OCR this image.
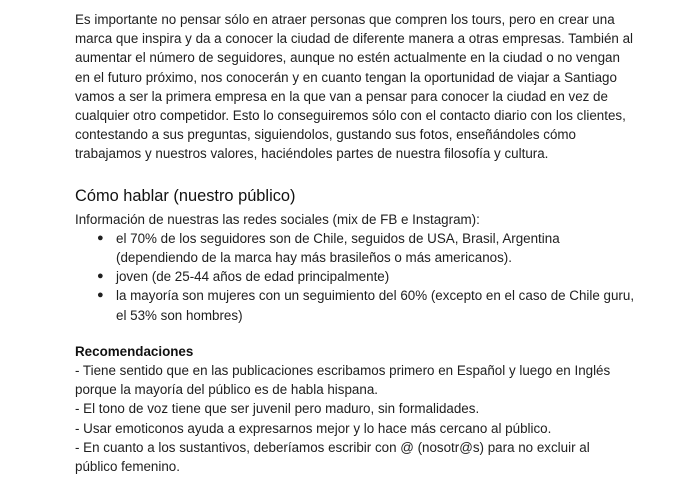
Es importante no pensar sólo en atraer personas que compren los tours, pero en crear una marca que inspira y da a conocer la ciudad de diferente manera a otras empresas. También al aumentar el número de seguidores, aunque no estén actualmente en la ciudad o no vengan en el futuro próximo, nos conocerán y en cuanto tengan la oportunidad de viajar a Santiago vamos a ser la primera empresa en la que van a pensar para conocer la ciudad en vez de cualquier otro competidor. Esto lo conseguiremos sólo con el contacto diario con los clientes, contestando a sus preguntas, siguiendolos, gustando sus fotos, enseñándoles cómo trabajamos y nuestros valores, haciéndoles partes de nuestra filosofía y cultura.

Cómo hablar (nuestro público)

Información de nuestras las redes sociales (mix de FB e Instagram):

● el 70% de los seguidores son de Chile, seguidos de USA, Brasil, Argentina (dependiendo de la marca hay más brasileños o más americanos).
● joven (de 25-44 años de edad principalmente)
● la mayoría son mujeres con un seguimiento del 60% (excepto en el caso de Chile guru, el 53% son hombres)
Recomendaciones

- Tiene sentido que en las publicaciones escribamos primero en Español y luego en Inglés porque la mayoría del público es de habla hispana.

- El tono de voz tiene que ser juvenil pero maduro, sin formalidades.

- Usar emoticonos ayuda a expresarnos mejor y lo hace más cercano al público.

- En cuanto a los sustantivos, deberíamos escribir con @ (nosotr@s) para no excluir al público femenino.
